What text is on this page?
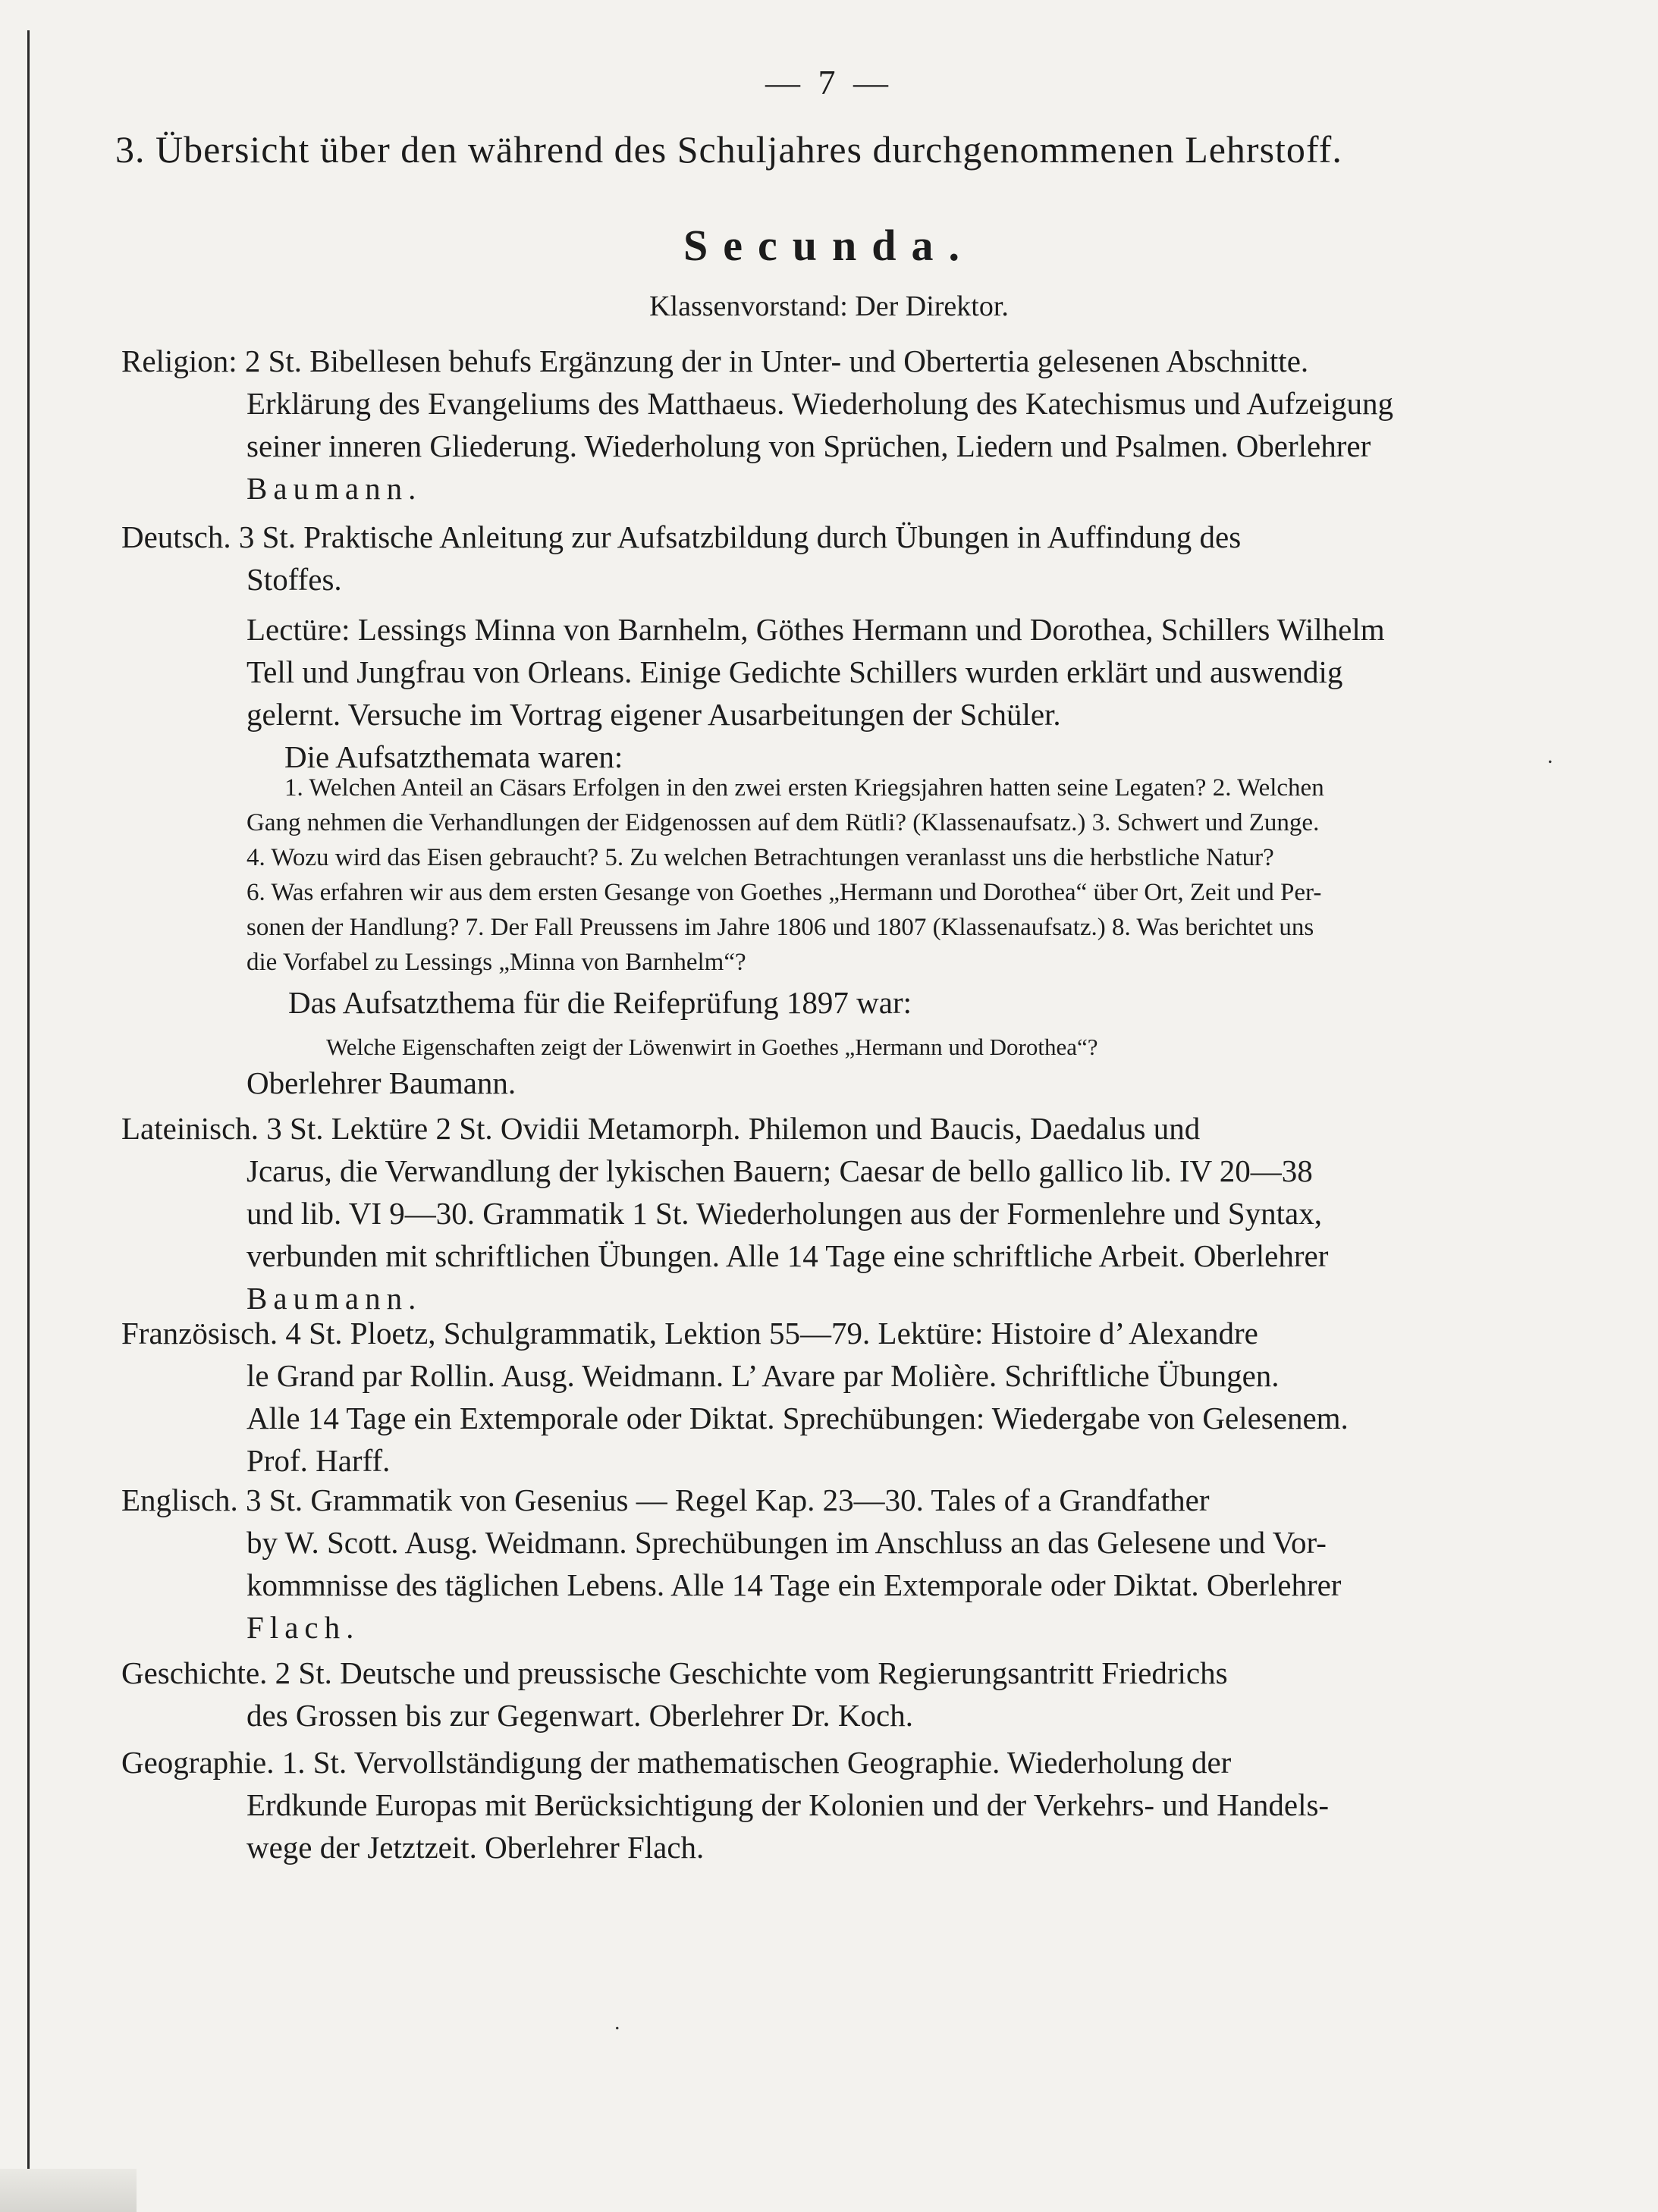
— 7 —
3. Übersicht über den während des Schuljahres durchgenommenen Lehrstoff.
Secunda.
Klassenvorstand: Der Direktor.
Religion: 2 St. Bibellesen behufs Ergänzung der in Unter- und Obertertia gelesenen Abschnitte.
Erklärung des Evangeliums des Matthaeus. Wiederholung des Katechismus und Aufzeigung
seiner inneren Gliederung. Wiederholung von Sprüchen, Liedern und Psalmen. Oberlehrer
Baumann.
Deutsch. 3 St. Praktische Anleitung zur Aufsatzbildung durch Übungen in Auffindung des
Stoffes.
Lectüre: Lessings Minna von Barnhelm, Göthes Hermann und Dorothea, Schillers Wilhelm
Tell und Jungfrau von Orleans. Einige Gedichte Schillers wurden erklärt und auswendig
gelernt. Versuche im Vortrag eigener Ausarbeitungen der Schüler.
Die Aufsatzthemata waren:
1. Welchen Anteil an Cäsars Erfolgen in den zwei ersten Kriegsjahren hatten seine Legaten? 2. Welchen
Gang nehmen die Verhandlungen der Eidgenossen auf dem Rütli? (Klassenaufsatz.) 3. Schwert und Zunge.
4. Wozu wird das Eisen gebraucht? 5. Zu welchen Betrachtungen veranlasst uns die herbstliche Natur?
6. Was erfahren wir aus dem ersten Gesange von Goethes „Hermann und Dorothea“ über Ort, Zeit und Per-
sonen der Handlung? 7. Der Fall Preussens im Jahre 1806 und 1807 (Klassenaufsatz.) 8. Was berichtet uns
die Vorfabel zu Lessings „Minna von Barnhelm“?
Das Aufsatzthema für die Reifeprüfung 1897 war:
Welche Eigenschaften zeigt der Löwenwirt in Goethes „Hermann und Dorothea“?
Oberlehrer Baumann.
Lateinisch. 3 St. Lektüre 2 St. Ovidii Metamorph. Philemon und Baucis, Daedalus und
Jcarus, die Verwandlung der lykischen Bauern; Caesar de bello gallico lib. IV 20—38
und lib. VI 9—30. Grammatik 1 St. Wiederholungen aus der Formenlehre und Syntax,
verbunden mit schriftlichen Übungen. Alle 14 Tage eine schriftliche Arbeit. Oberlehrer
Baumann.
Französisch. 4 St. Ploetz, Schulgrammatik, Lektion 55—79. Lektüre: Histoire d’ Alexandre
le Grand par Rollin. Ausg. Weidmann. L’ Avare par Molière. Schriftliche Übungen.
Alle 14 Tage ein Extemporale oder Diktat. Sprechübungen: Wiedergabe von Gelesenem.
Prof. Harff.
Englisch. 3 St. Grammatik von Gesenius — Regel Kap. 23—30. Tales of a Grandfather
by W. Scott. Ausg. Weidmann. Sprechübungen im Anschluss an das Gelesene und Vor-
kommnisse des täglichen Lebens. Alle 14 Tage ein Extemporale oder Diktat. Oberlehrer
Flach.
Geschichte. 2 St. Deutsche und preussische Geschichte vom Regierungsantritt Friedrichs
des Grossen bis zur Gegenwart. Oberlehrer Dr. Koch.
Geographie. 1. St. Vervollständigung der mathematischen Geographie. Wiederholung der
Erdkunde Europas mit Berücksichtigung der Kolonien und der Verkehrs- und Handels-
wege der Jetztzeit. Oberlehrer Flach.
.
.
